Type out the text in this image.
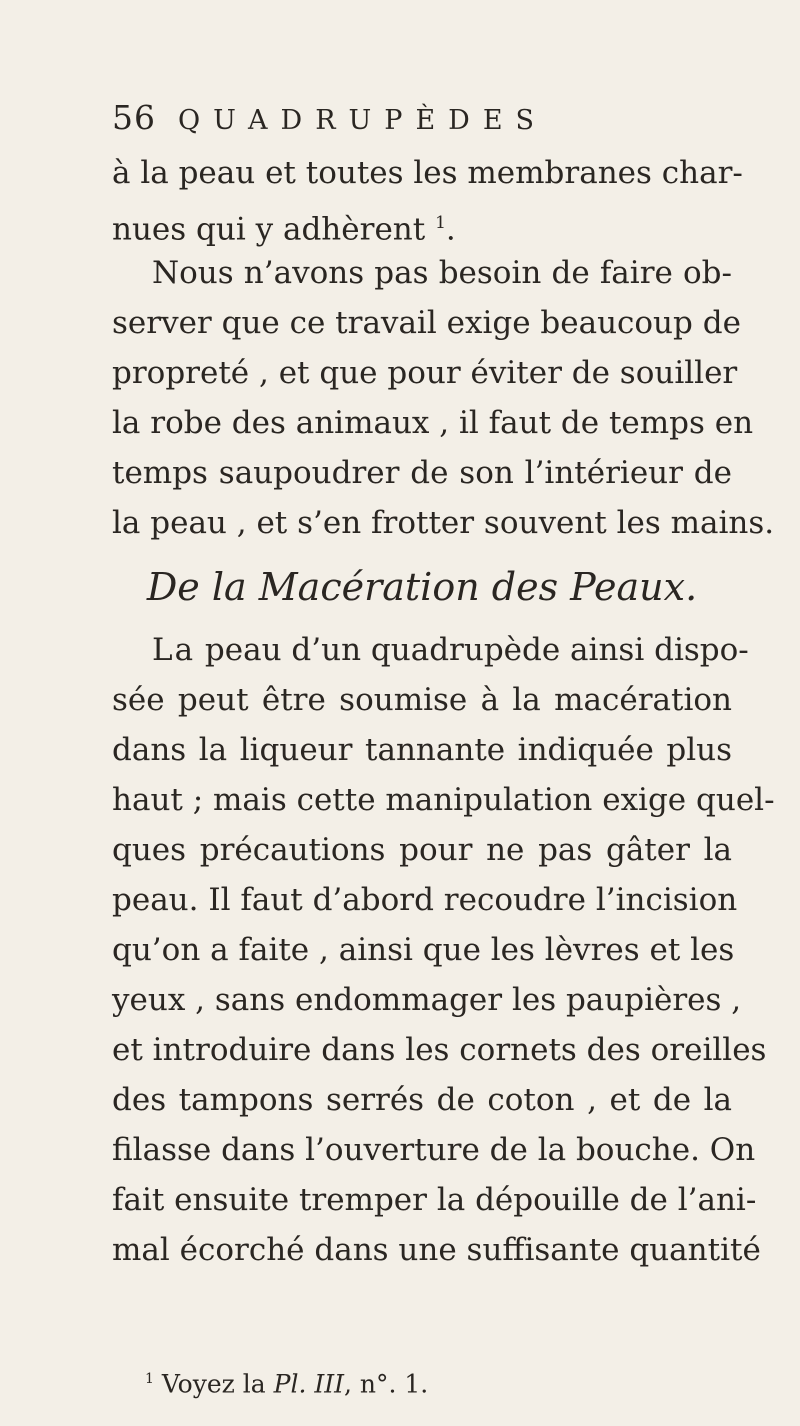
56 QUADRUPÈDES
à la peau et toutes les membranes char-
nues qui y adhèrent $^1$.
Nous n’avons pas besoin de faire ob-
server que ce travail exige beaucoup de
propreté , et que pour éviter de souiller
la robe des animaux , il faut de temps en
temps saupoudrer de son l’intérieur de
la peau , et s’en frotter souvent les mains.
De la Macération des Peaux.
La peau d’un quadrupède ainsi dispo-
sée peut être soumise à la macération
dans la liqueur tannante indiquée plus
haut ; mais cette manipulation exige quel-
ques précautions pour ne pas gâter la
peau. Il faut d’abord recoudre l’incision
qu’on a faite , ainsi que les lèvres et les
yeux , sans endommager les paupières ,
et introduire dans les cornets des oreilles
des tampons serrés de coton , et de la
filasse dans l’ouverture de la bouche. On
fait ensuite tremper la dépouille de l’ani-
mal écorché dans une suffisante quantité
$^1$ Voyez la Pl. III, n°. 1.
